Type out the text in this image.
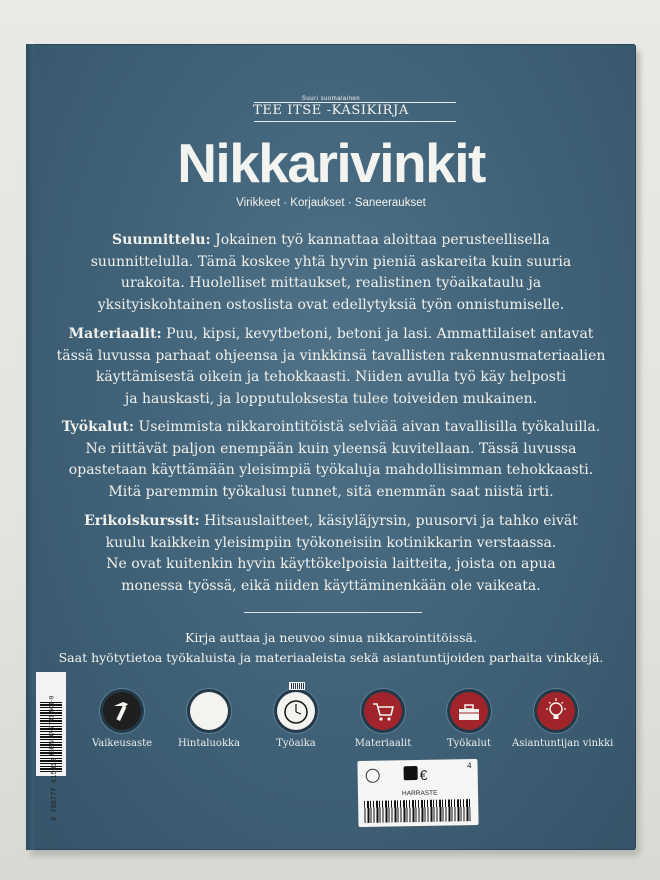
Suuri suomalainen
TEE ITSE -KÄSIKIRJA
Nikkarivinkit
Virikkeet · Korjaukset · Saneeraukset
Suunnittelu: Jokainen työ kannattaa aloittaa perusteellisella
suunnittelulla. Tämä koskee yhtä hyvin pieniä askareita kuin suuria
urakoita. Huolelliset mittaukset, realistinen työaikataulu ja
yksityiskohtainen ostoslista ovat edellytyksiä työn onnistumiselle.
Materiaalit: Puu, kipsi, kevytbetoni, betoni ja lasi. Ammattilaiset antavat
tässä luvussa parhaat ohjeensa ja vinkkinsä tavallisten rakennusmateriaalien
käyttämisestä oikein ja tehokkaasti. Niiden avulla työ käy helposti
ja hauskasti, ja lopputuloksesta tulee toiveiden mukainen.
Työkalut: Useimmista nikkarointitöistä selviää aivan tavallisilla työkaluilla.
Ne riittävät paljon enempään kuin yleensä kuvitellaan. Tässä luvussa
opastetaan käyttämään yleisimpiä työkaluja mahdollisimman tehokkaasti.
Mitä paremmin työkalusi tunnet, sitä enemmän saat niistä irti.
Erikoiskurssit: Hitsauslaitteet, käsiyläjyrsin, puusorvi ja tahko eivät
kuulu kaikkein yleisimpiin työkoneisiin kotinikkarin verstaassa.
Ne ovat kuitenkin hyvin käyttökelpoisia laitteita, joista on apua
monessa työssä, eikä niiden käyttäminenkään ole vaikeata.
Kirja auttaa ja neuvoo sinua nikkarointitöissä.
Saat hyötytietoa työkaluista ja materiaaleista sekä asiantuntijoiden parhaita vinkkejä.
Vaikeusaste	Hintaluokka	Työaika	Materiaalit	Työkalut	Asiantuntijan vinkki
ISBN 87-7741-501-9
9 788777 415012	€
4
HARRASTE
